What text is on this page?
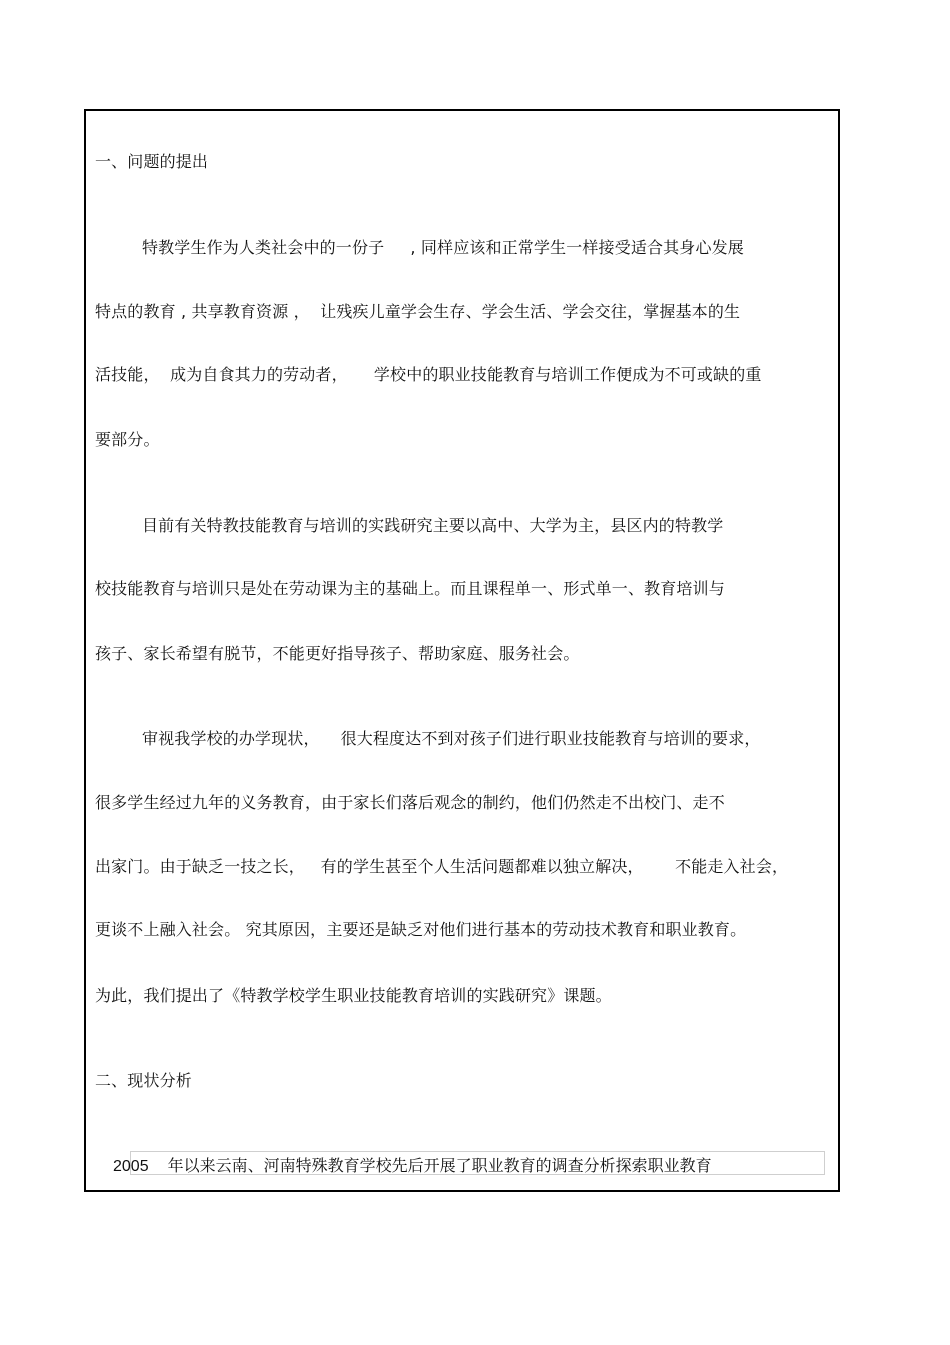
一、问题的提出
特教学生作为人类社会中的一份子     , 同样应该和正常学生一样接受适合其身心发展
特点的教育 , 共享教育资源 ，  让残疾儿童学会生存、学会生活、学会交往，掌握基本的生
活技能，  成为自食其力的劳动者，     学校中的职业技能教育与培训工作便成为不可或缺的重
要部分。
目前有关特教技能教育与培训的实践研究主要以高中、大学为主，县区内的特教学
校技能教育与培训只是处在劳动课为主的基础上。而且课程单一、形式单一、教育培训与
孩子、家长希望有脱节，不能更好指导孩子、帮助家庭、服务社会。
审视我学校的办学现状，    很大程度达不到对孩子们进行职业技能教育与培训的要求，
很多学生经过九年的义务教育，由于家长们落后观念的制约，他们仍然走不出校门、走不
出家门。由于缺乏一技之长，   有的学生甚至个人生活问题都难以独立解决，      不能走入社会，
更谈不上融入社会。 究其原因，主要还是缺乏对他们进行基本的劳动技术教育和职业教育。
为此，我们提出了《特教学校学生职业技能教育培训的实践研究》课题。
二、现状分析
2005 年以来云南、河南特殊教育学校先后开展了职业教育的调查分析探索职业教育
